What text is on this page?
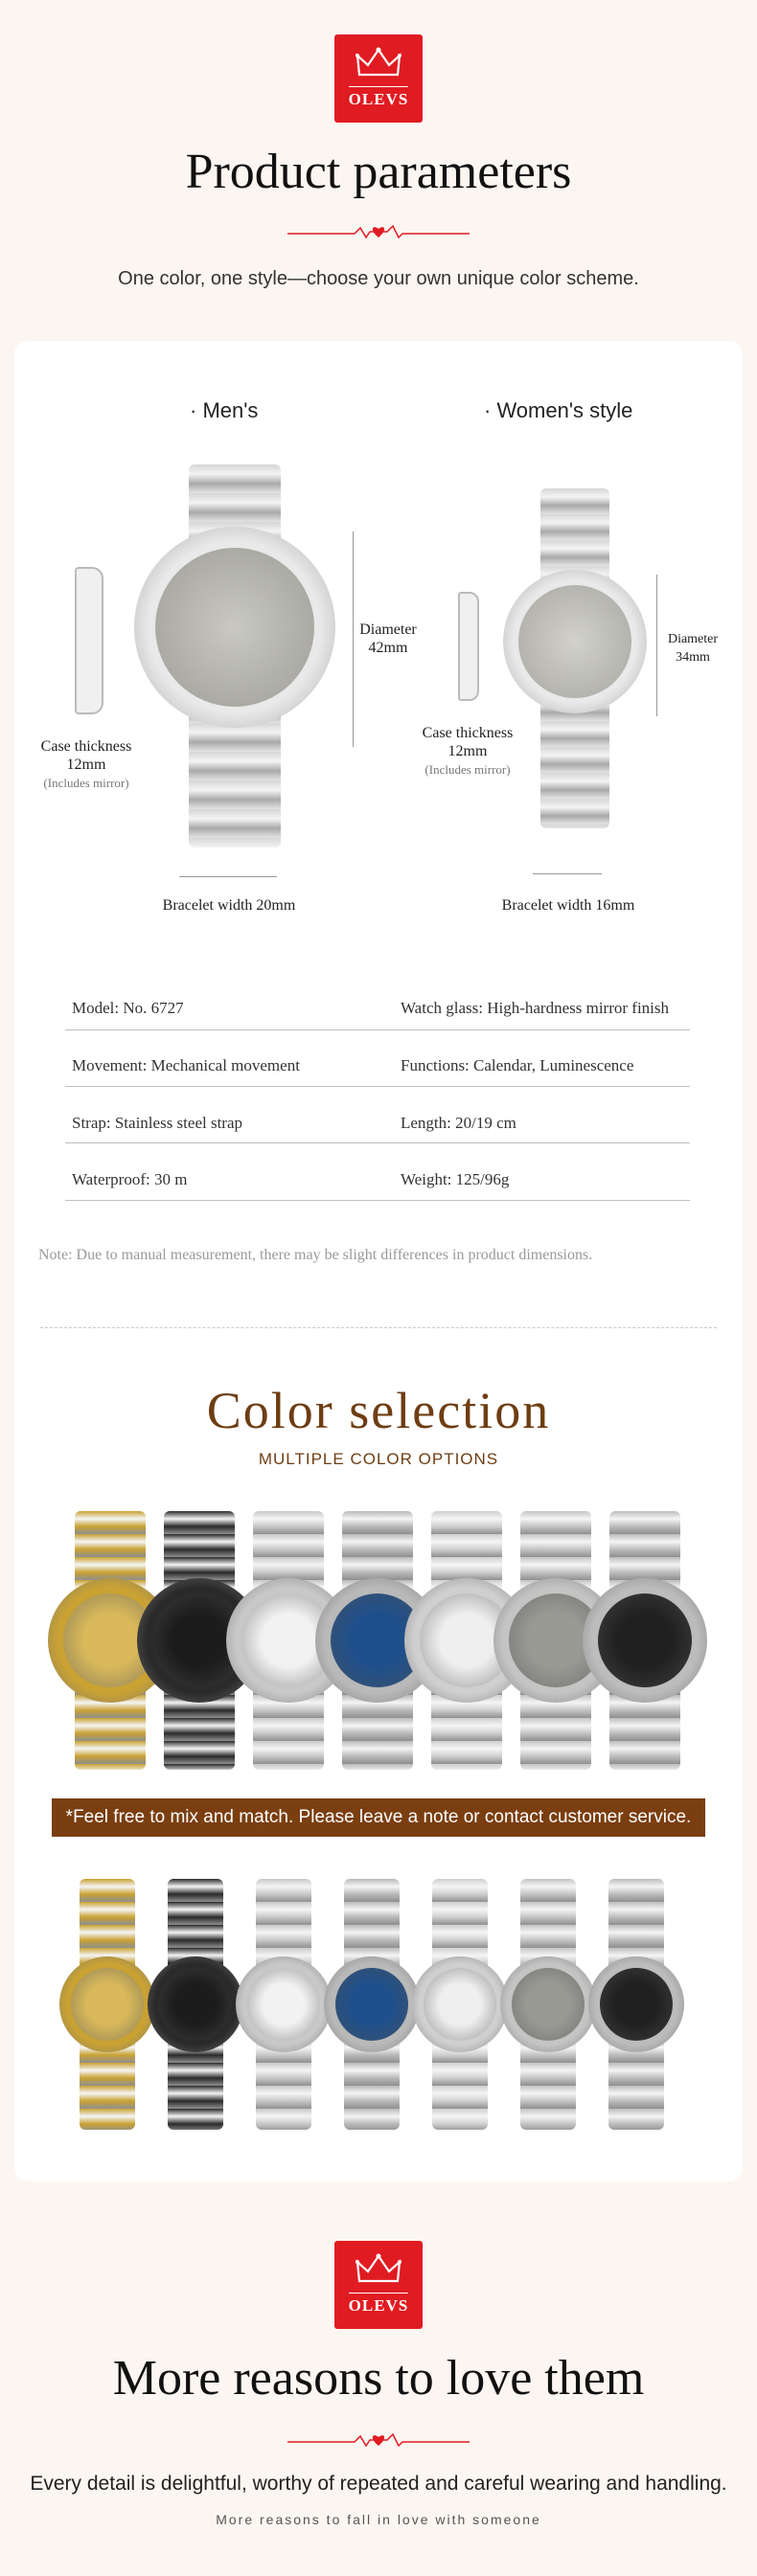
OLEVS
Product parameters
One color, one style—choose your own unique color scheme.
· Men's	· Women's style
Diameter
42mm
Case thickness
12mm
(Includes mirror)
Bracelet width 20mm
Diameter
34mm
Case thickness
12mm
(Includes mirror)
Bracelet width 16mm
Model: No. 6727	Watch glass: High-hardness mirror finish
Movement: Mechanical movement	Functions: Calendar, Luminescence
Strap: Stainless steel strap	Length: 20/19 cm
Waterproof: 30 m	Weight: 125/96g
Note: Due to manual measurement, there may be slight differences in product dimensions.
Color selection
MULTIPLE COLOR OPTIONS
*Feel free to mix and match. Please leave a note or contact customer service.
OLEVS
More reasons to love them
Every detail is delightful, worthy of repeated and careful wearing and handling.
More reasons to fall in love with someone
